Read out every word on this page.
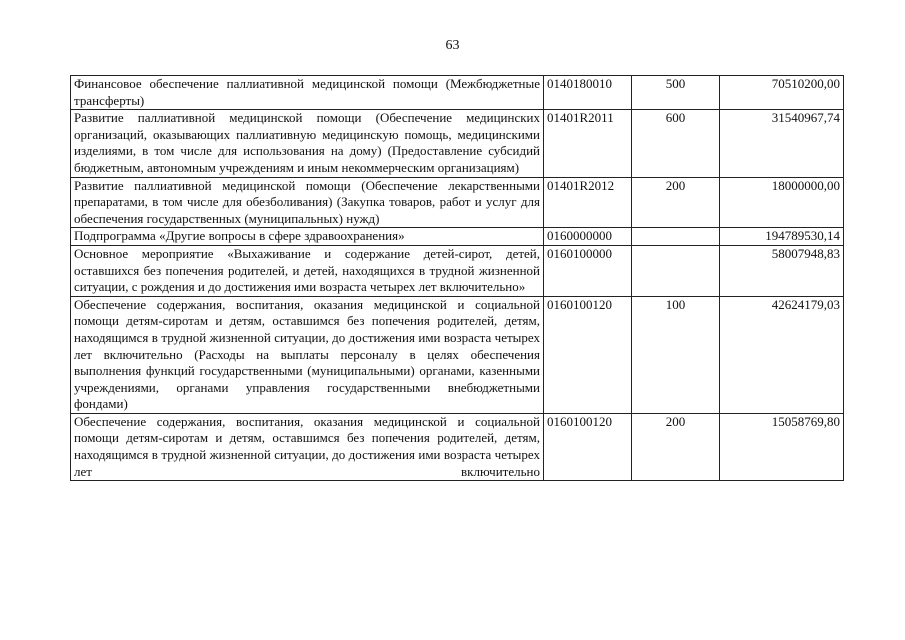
63
Финансовое обеспечение паллиативной медицинской помощи (Межбюджетные трансферты)	0140180010	500	70510200,00
Развитие паллиативной медицинской помощи (Обеспечение медицинских организаций, оказывающих паллиативную медицинскую помощь, медицинскими изделиями, в том числе для использования на дому) (Предоставление субсидий бюджетным, автономным учреждениям и иным некоммерческим организациям)	01401R2011	600	31540967,74
Развитие паллиативной медицинской помощи (Обеспечение лекарственными препаратами, в том числе для обезболивания) (Закупка товаров, работ и услуг для обеспечения государственных (муниципальных) нужд)	01401R2012	200	18000000,00
Подпрограмма «Другие вопросы в сфере здравоохранения»	0160000000		194789530,14
Основное мероприятие «Выхаживание и содержание детей-сирот, детей, оставшихся без попечения родителей, и детей, находящихся в трудной жизненной ситуации, с рождения и до достижения ими возраста четырех лет включительно»	0160100000		58007948,83
Обеспечение содержания, воспитания, оказания медицинской и социальной помощи детям-сиротам и детям, оставшимся без попечения родителей, детям, находящимся в трудной жизненной ситуации, до достижения ими возраста четырех лет включительно (Расходы на выплаты персоналу в целях обеспечения выполнения функций государственными (муниципальными) органами, казенными учреждениями, органами управления государственными внебюджетными фондами)	0160100120	100	42624179,03
Обеспечение содержания, воспитания, оказания медицинской и социальной помощи детям-сиротам и детям, оставшимся без попечения родителей, детям, находящимся в трудной жизненной ситуации, до достижения ими возраста четырех лет включительно	0160100120	200	15058769,80
